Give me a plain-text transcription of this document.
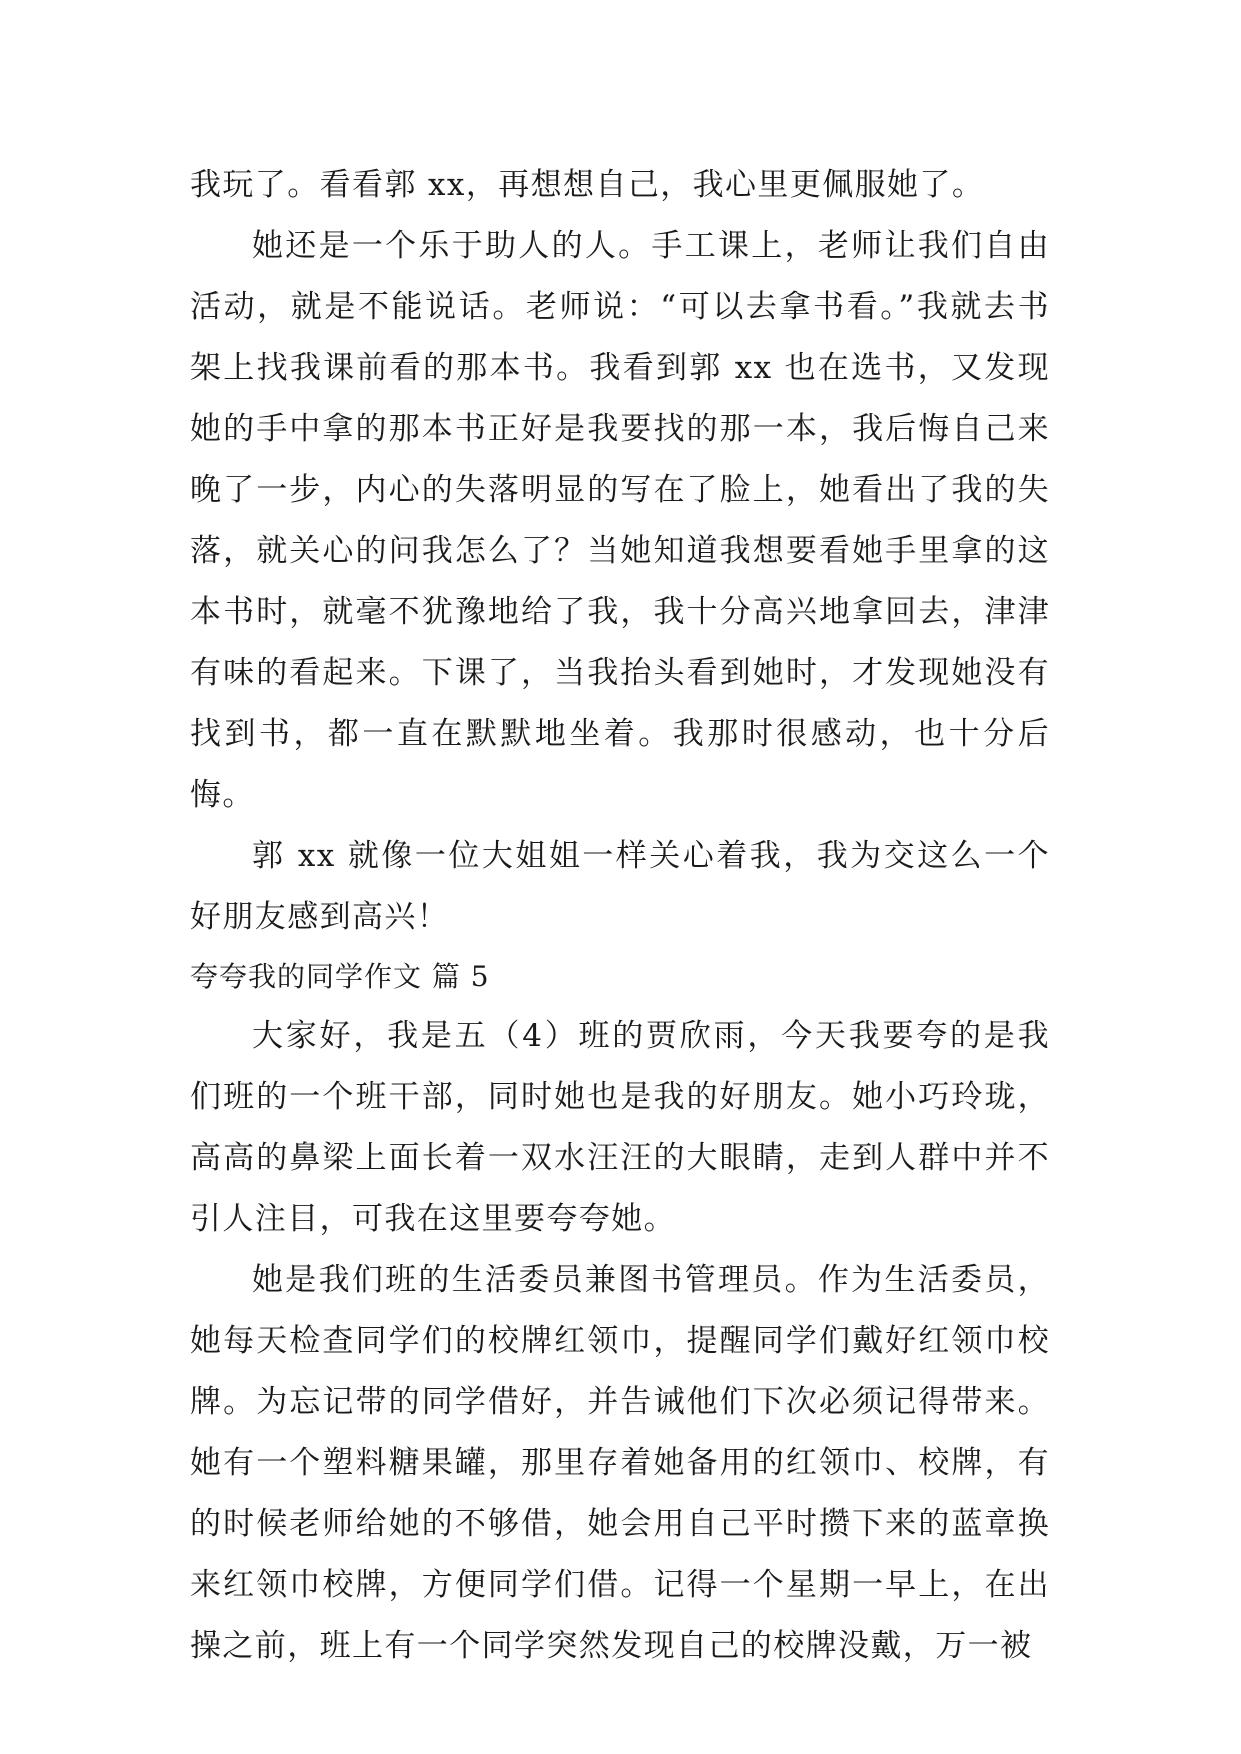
我玩了。看看郭 xx，再想想自己，我心里更佩服她了。

她还是一个乐于助人的人。手工课上，老师让我们自由活动，就是不能说话。老师说：“可以去拿书看。”我就去书架上找我课前看的那本书。我看到郭 xx 也在选书，又发现她的手中拿的那本书正好是我要找的那一本，我后悔自己来晚了一步，内心的失落明显的写在了脸上，她看出了我的失落，就关心的问我怎么了？当她知道我想要看她手里拿的这本书时，就毫不犹豫地给了我，我十分高兴地拿回去，津津有味的看起来。下课了，当我抬头看到她时，才发现她没有找到书，都一直在默默地坐着。我那时很感动，也十分后悔。

郭 xx 就像一位大姐姐一样关心着我，我为交这么一个好朋友感到高兴！

夸夸我的同学作文 篇 5

大家好，我是五（4）班的贾欣雨，今天我要夸的是我们班的一个班干部，同时她也是我的好朋友。她小巧玲珑，高高的鼻梁上面长着一双水汪汪的大眼睛，走到人群中并不引人注目，可我在这里要夸夸她。

她是我们班的生活委员兼图书管理员。作为生活委员，她每天检查同学们的校牌红领巾，提醒同学们戴好红领巾校牌。为忘记带的同学借好，并告诫他们下次必须记得带来。她有一个塑料糖果罐，那里存着她备用的红领巾、校牌，有的时候老师给她的不够借，她会用自己平时攒下来的蓝章换来红领巾校牌，方便同学们借。记得一个星期一早上，在出操之前，班上有一个同学突然发现自己的校牌没戴，万一被
